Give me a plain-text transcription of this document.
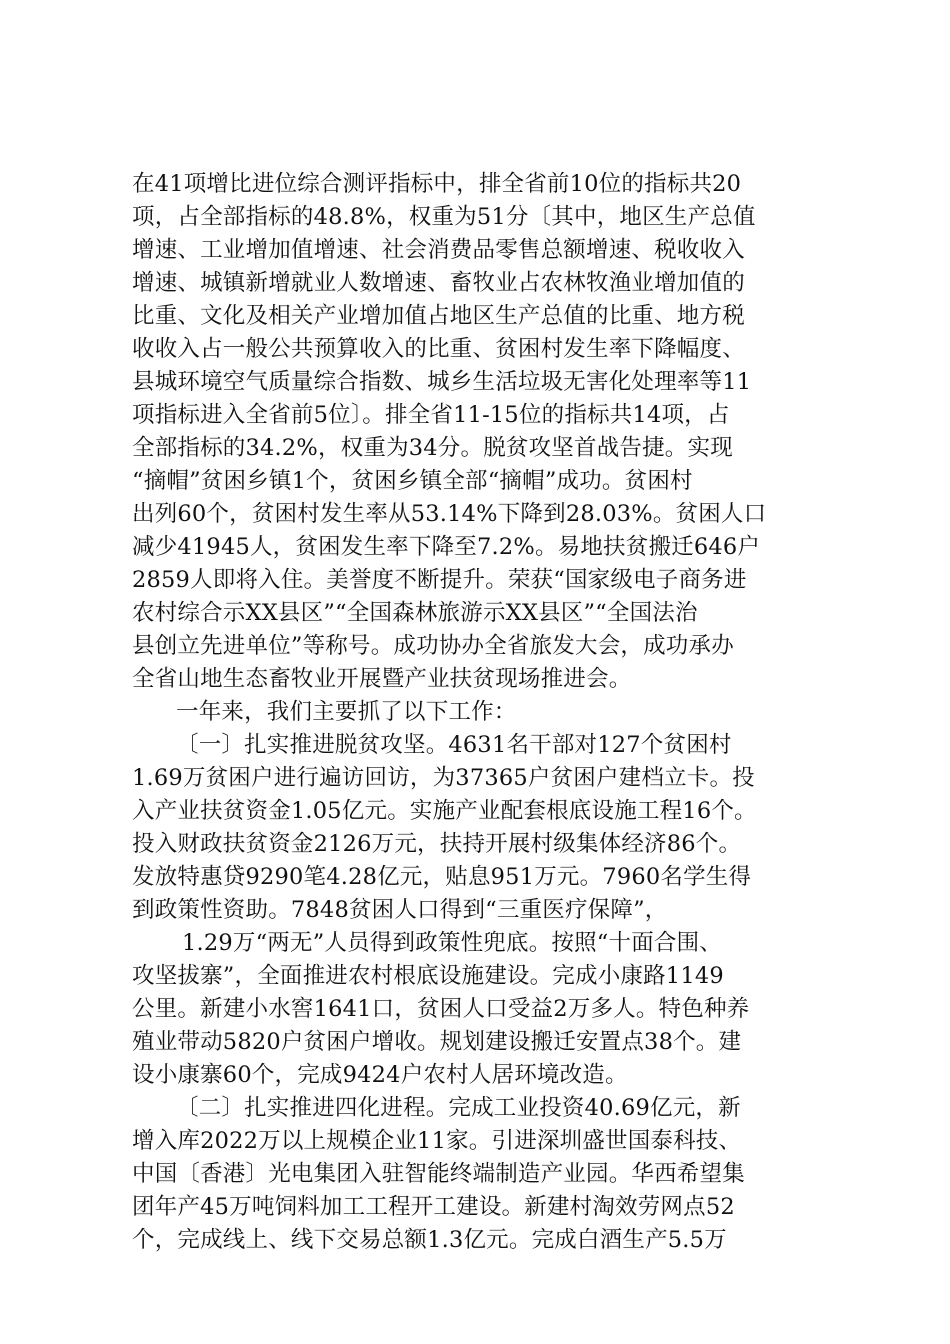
在41项增比进位综合测评指标中，排全省前10位的指标共20
项，占全部指标的48.8%，权重为51分〔其中，地区生产总值
增速、工业增加值增速、社会消费品零售总额增速、税收收入
增速、城镇新增就业人数增速、畜牧业占农林牧渔业增加值的
比重、文化及相关产业增加值占地区生产总值的比重、地方税
收收入占一般公共预算收入的比重、贫困村发生率下降幅度、
县城环境空气质量综合指数、城乡生活垃圾无害化处理率等11
项指标进入全省前5位〕。排全省11-15位的指标共14项，占
全部指标的34.2%，权重为34分。脱贫攻坚首战告捷。实现
“摘帽”贫困乡镇1个，贫困乡镇全部“摘帽”成功。贫困村
出列60个，贫困村发生率从53.14%下降到28.03%。贫困人口
减少41945人，贫困发生率下降至7.2%。易地扶贫搬迁646户
2859人即将入住。美誉度不断提升。荣获“国家级电子商务进
农村综合示XX县区”“全国森林旅游示XX县区”“全国法治
县创立先进单位”等称号。成功协办全省旅发大会，成功承办
全省山地生态畜牧业开展暨产业扶贫现场推进会。
一年来，我们主要抓了以下工作：
〔一〕扎实推进脱贫攻坚。4631名干部对127个贫困村
1.69万贫困户进行遍访回访，为37365户贫困户建档立卡。投
入产业扶贫资金1.05亿元。实施产业配套根底设施工程16个。
投入财政扶贫资金2126万元，扶持开展村级集体经济86个。
发放特惠贷9290笔4.28亿元，贴息951万元。7960名学生得
到政策性资助。7848贫困人口得到“三重医疗保障”，
1.29万“两无”人员得到政策性兜底。按照“十面合围、
攻坚拔寨”，全面推进农村根底设施建设。完成小康路1149
公里。新建小水窖1641口，贫困人口受益2万多人。特色种养
殖业带动5820户贫困户增收。规划建设搬迁安置点38个。建
设小康寨60个，完成9424户农村人居环境改造。
〔二〕扎实推进四化进程。完成工业投资40.69亿元，新
增入库2022万以上规模企业11家。引进深圳盛世国泰科技、
中国〔香港〕光电集团入驻智能终端制造产业园。华西希望集
团年产45万吨饲料加工工程开工建设。新建村淘效劳网点52
个，完成线上、线下交易总额1.3亿元。完成白酒生产5.5万
